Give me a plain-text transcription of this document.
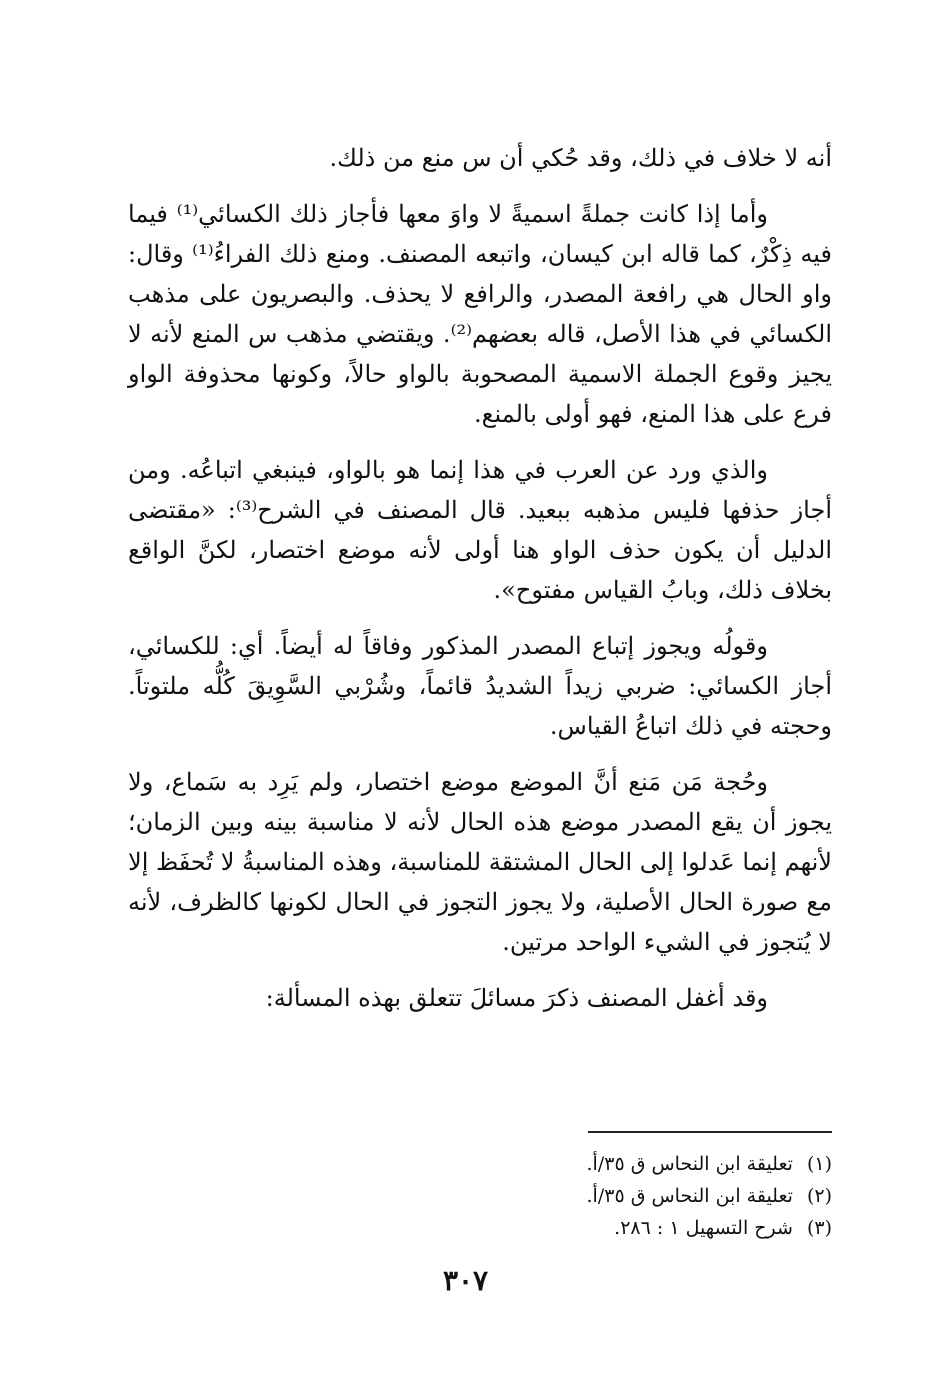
أنه لا خلاف في ذلك، وقد حُكي أن س منع من ذلك.

وأما إذا كانت جملةً اسميةً لا واوَ معها فأجاز ذلك الكسائي⁽¹⁾ فيما فيه ذِكْرٌ، كما قاله ابن كيسان، واتبعه المصنف. ومنع ذلك الفراءُ⁽¹⁾ وقال: واو الحال هي رافعة المصدر، والرافع لا يحذف. والبصريون على مذهب الكسائي في هذا الأصل، قاله بعضهم⁽²⁾. ويقتضي مذهب س المنع لأنه لا يجيز وقوع الجملة الاسمية المصحوبة بالواو حالاً، وكونها محذوفة الواو فرع على هذا المنع، فهو أولى بالمنع.

والذي ورد عن العرب في هذا إنما هو بالواو، فينبغي اتباعُه. ومن أجاز حذفها فليس مذهبه ببعيد. قال المصنف في الشرح⁽³⁾: «مقتضى الدليل أن يكون حذف الواو هنا أولى لأنه موضع اختصار، لكنَّ الواقع بخلاف ذلك، وبابُ القياس مفتوح».

وقولُه ويجوز إتباع المصدر المذكور وفاقاً له أيضاً. أي: للكسائي، أجاز الكسائي: ضربي زيداً الشديدُ قائماً، وشُرْبي السَّوِيقَ كُلُّه ملتوتاً. وحجته في ذلك اتباعُ القياس.

وحُجة مَن مَنع أنَّ الموضع موضع اختصار، ولم يَرِد به سَماع، ولا يجوز أن يقع المصدر موضع هذه الحال لأنه لا مناسبة بينه وبين الزمان؛ لأنهم إنما عَدلوا إلى الحال المشتقة للمناسبة، وهذه المناسبةُ لا تُحفَظ إلا مع صورة الحال الأصلية، ولا يجوز التجوز في الحال لكونها كالظرف، لأنه لا يُتجوز في الشيء الواحد مرتين.

وقد أغفل المصنف ذكرَ مسائلَ تتعلق بهذه المسألة:

(١)تعليقة ابن النحاس ق ٣٥/أ.

(٢)تعليقة ابن النحاس ق ٣٥/أ.

(٣)شرح التسهيل ١ : ٢٨٦.

٣٠٧
